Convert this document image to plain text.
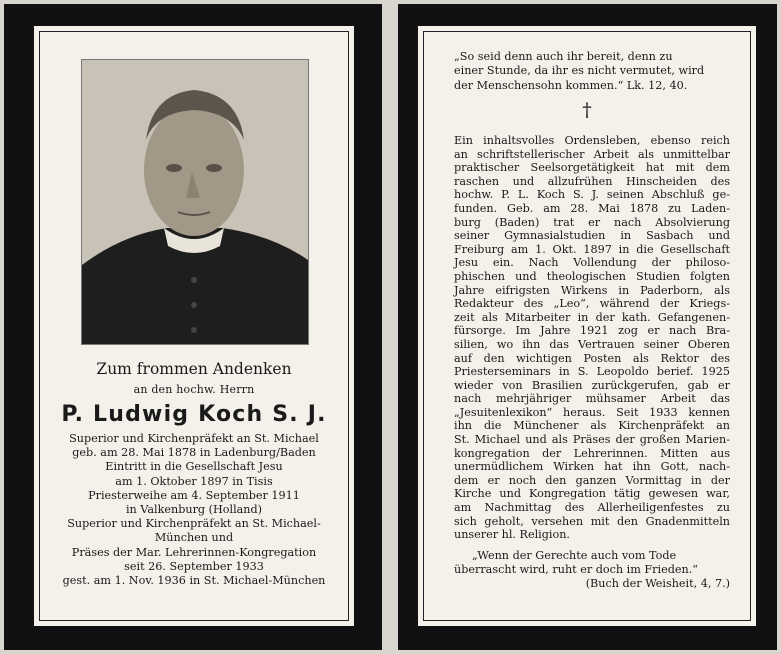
Zum frommen Andenken
an den hochw. Herrn
P. Ludwig Koch S. J.
Superior und Kirchenpräfekt an St. Michael
geb. am 28. Mai 1878 in Ladenburg/Baden
Eintritt in die Gesellschaft Jesu
am 1. Oktober 1897 in Tisis
Priesterweihe am 4. September 1911
in Valkenburg (Holland)
Superior und Kirchenpräfekt an St. Michael-
München und
Präses der Mar. Lehrerinnen-Kongregation
seit 26. September 1933
gest. am 1. Nov. 1936 in St. Michael-München
„So seid denn auch ihr bereit, denn zu
einer Stunde, da ihr es nicht vermutet, wird
der Menschensohn kommen.“ Lk. 12, 40.
†
Ein inhaltsvolles Ordensleben, ebenso reich
an schriftstellerischer Arbeit als unmittelbar
praktischer Seelsorgetätigkeit hat mit dem
raschen und allzufrühen Hinscheiden des
hochw. P. L. Koch S. J. seinen Abschluß ge-
funden. Geb. am 28. Mai 1878 zu Laden-
burg (Baden) trat er nach Absolvierung
seiner Gymnasialstudien in Sasbach und
Freiburg am 1. Okt. 1897 in die Gesellschaft
Jesu ein. Nach Vollendung der philoso-
phischen und theologischen Studien folgten
Jahre eifrigsten Wirkens in Paderborn, als
Redakteur des „Leo“, während der Kriegs-
zeit als Mitarbeiter in der kath. Gefangenen-
fürsorge. Im Jahre 1921 zog er nach Bra-
silien, wo ihn das Vertrauen seiner Oberen
auf den wichtigen Posten als Rektor des
Priesterseminars in S. Leopoldo berief. 1925
wieder von Brasilien zurückgerufen, gab er
nach mehrjähriger mühsamer Arbeit das
„Jesuitenlexikon“ heraus. Seit 1933 kennen
ihn die Münchener als Kirchenpräfekt an
St. Michael und als Präses der großen Marien-
kongregation der Lehrerinnen. Mitten aus
unermüdlichem Wirken hat ihn Gott, nach-
dem er noch den ganzen Vormittag in der
Kirche und Kongregation tätig gewesen war,
am Nachmittag des Allerheiligenfestes zu
sich geholt, versehen mit den Gnadenmitteln
unserer hl. Religion.
„Wenn der Gerechte auch vom Tode
überrascht wird, ruht er doch im Frieden.“
(Buch der Weisheit, 4, 7.)
